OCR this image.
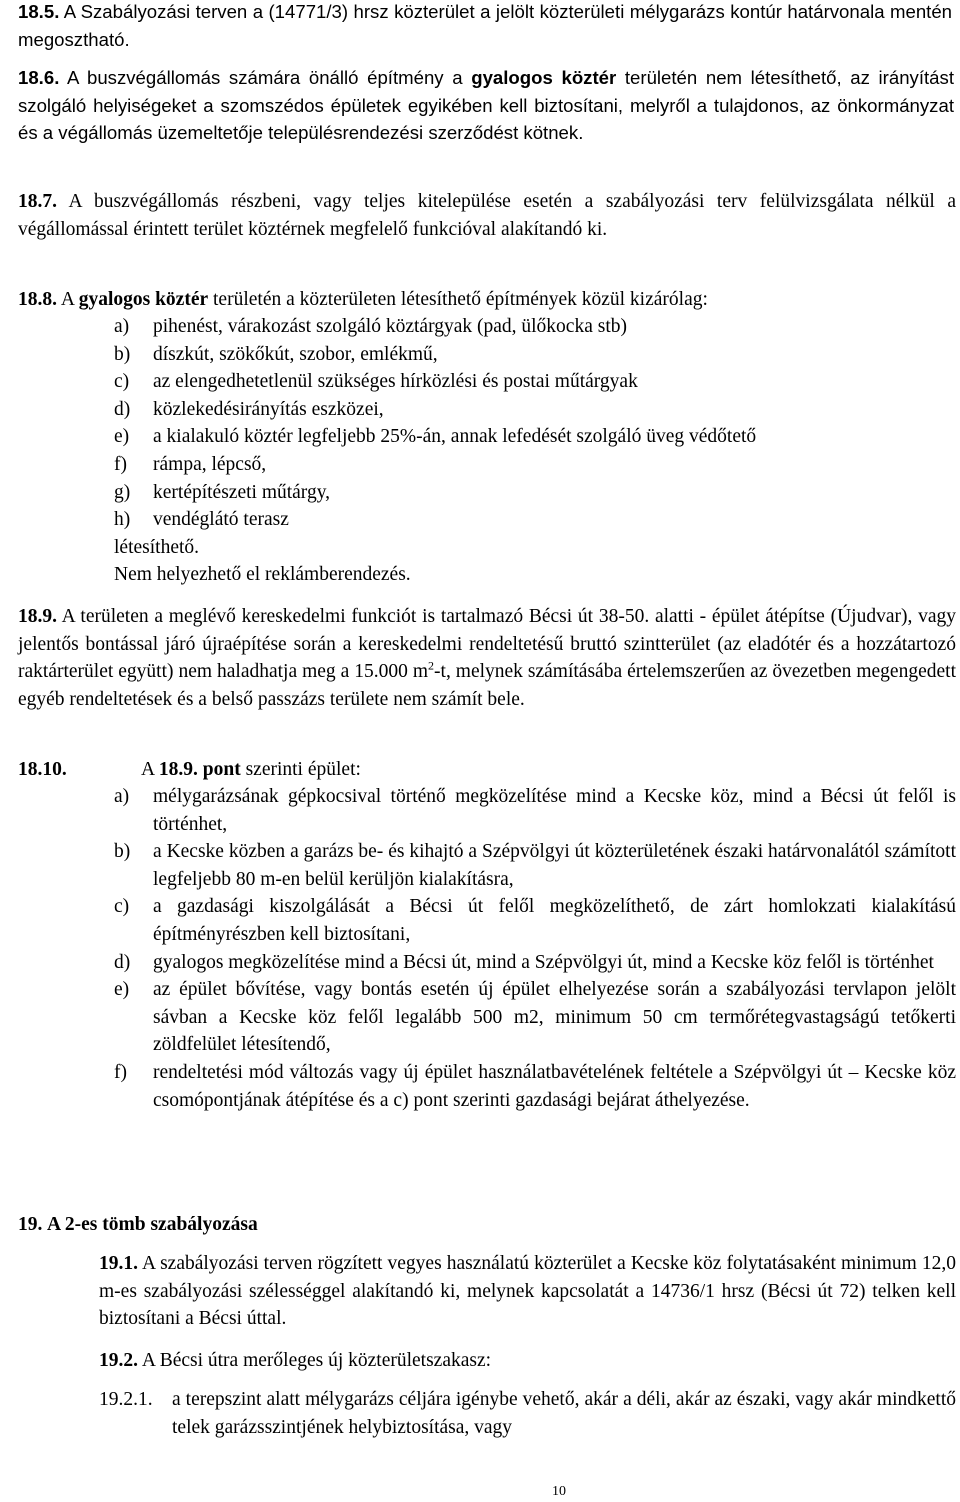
18.5. A Szabályozási terven a (14771/3) hrsz közterület a jelölt közterületi mélygarázs kontúr határvonala mentén megosztható.

18.6. A buszvégállomás számára önálló építmény a gyalogos köztér területén nem létesíthető, az irányítást szolgáló helyiségeket a szomszédos épületek egyikében kell biztosítani, melyről a tulajdonos, az önkormányzat és a végállomás üzemeltetője településrendezési szerződést kötnek.

18.7. A buszvégállomás részbeni, vagy teljes kitelepülése esetén a szabályozási terv felülvizsgálata nélkül a végállomással érintett terület köztérnek megfelelő funkcióval alakítandó ki.

18.8. A gyalogos köztér területén a közterületen létesíthető építmények közül kizárólag:

a) pihenést, várakozást szolgáló köztárgyak (pad, ülőkocka stb)
b) díszkút, szökőkút, szobor, emlékmű,
c) az elengedhetetlenül szükséges hírközlési és postai műtárgyak
d) közlekedésirányítás eszközei,
e) a kialakuló köztér legfeljebb 25%-án, annak lefedését szolgáló üveg védőtető
f) rámpa, lépcső,
g) kertépítészeti műtárgy,
h) vendéglátó terasz

létesíthető.

Nem helyezhető el reklámberendezés.

18.9. A területen a meglévő kereskedelmi funkciót is tartalmazó Bécsi út 38-50. alatti - épület átépítse (Újudvar), vagy jelentős bontással járó újraépítése során a kereskedelmi rendeltetésű bruttó szintterület (az eladótér és a hozzátartozó raktárterület együtt) nem haladhatja meg a 15.000 $m^2-t$, melynek számításába értelemszerűen az övezetben megengedett egyéb rendeltetések és a belső passzázs területe nem számít bele.

18.10.	A 18.9. pont szerinti épület:

a) mélygarázsának gépkocsival történő megközelítése mind a Kecske köz, mind a Bécsi út felől is történhet,
b) a Kecske közben a garázs be- és kihajtó a Szépvölgyi út közterületének északi határvonalától számított legfeljebb 80 m-en belül kerüljön kialakításra,
c) a gazdasági kiszolgálását a Bécsi út felől megközelíthető, de zárt homlokzati kialakítású építményrészben kell biztosítani,
d) gyalogos megközelítése mind a Bécsi út, mind a Szépvölgyi út, mind a Kecske köz felől is történhet
e) az épület bővítése, vagy bontás esetén új épület elhelyezése során a szabályozási tervlapon jelölt sávban a Kecske köz felől legalább 500 m2, minimum 50 cm termőrétegvastagságú tetőkerti zöldfelület létesítendő,
f) rendeltetési mód változás vagy új épület használatbavételének feltétele a Szépvölgyi út – Kecske köz csomópontjának átépítése és a c) pont szerinti gazdasági bejárat áthelyezése.

19. A 2-es tömb szabályozása

19.1. A szabályozási terven rögzített vegyes használatú közterület a Kecske köz folytatásaként minimum 12,0 m-es szabályozási szélességgel alakítandó ki, melynek kapcsolatát a 14736/1 hrsz (Bécsi út 72) telken kell biztosítani a Bécsi úttal.

19.2. A Bécsi útra merőleges új közterületszakasz:

19.2.1. a terepszint alatt mélygarázs céljára igénybe vehető, akár a déli, akár az északi, vagy akár mindkettő telek garázsszintjének helybiztosítása, vagy

10
